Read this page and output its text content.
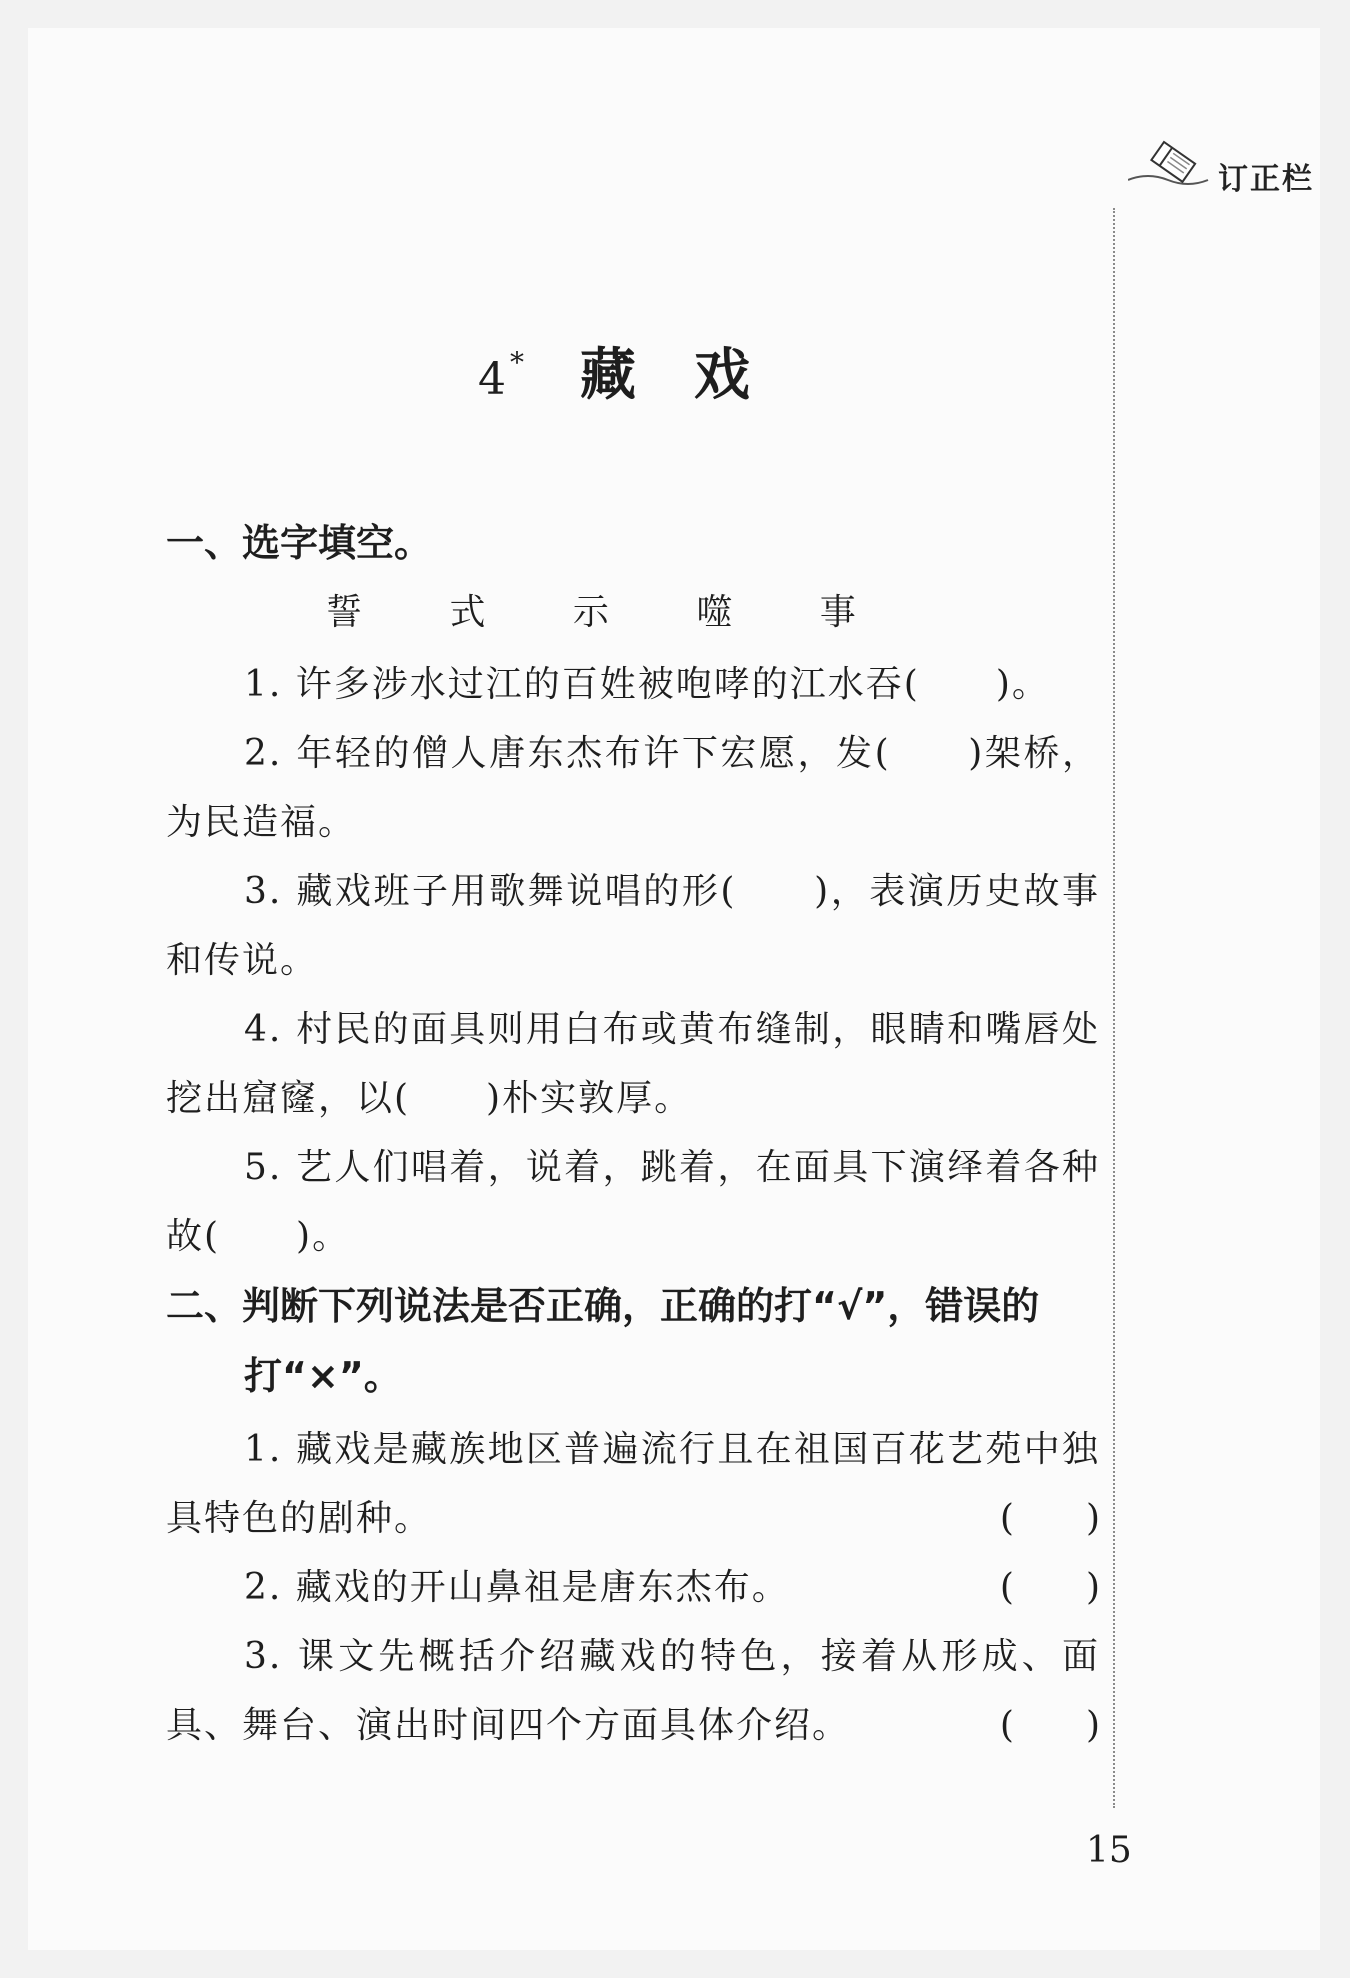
订正栏
4 * 藏戏

一、选字填空。

誓 式 示 噬 事

1. 许多涉水过江的百姓被咆哮的江水吞(　　)。

2. 年轻的僧人唐东杰布许下宏愿，发(　　)架桥，为民造福。

3. 藏戏班子用歌舞说唱的形(　　)，表演历史故事和传说。

4. 村民的面具则用白布或黄布缝制，眼睛和嘴唇处挖出窟窿，以(　　)朴实敦厚。

5. 艺人们唱着，说着，跳着，在面具下演绎着各种故(　　)。

二、判断下列说法是否正确，正确的打“√”，错误的
打“×”。

1. 藏戏是藏族地区普遍流行且在祖国百花艺苑中独具特色的剧种。	(　　)

2. 藏戏的开山鼻祖是唐东杰布。	(　　)

3. 课文先概括介绍藏戏的特色，接着从形成、面具、舞台、演出时间四个方面具体介绍。	(　　)
15
